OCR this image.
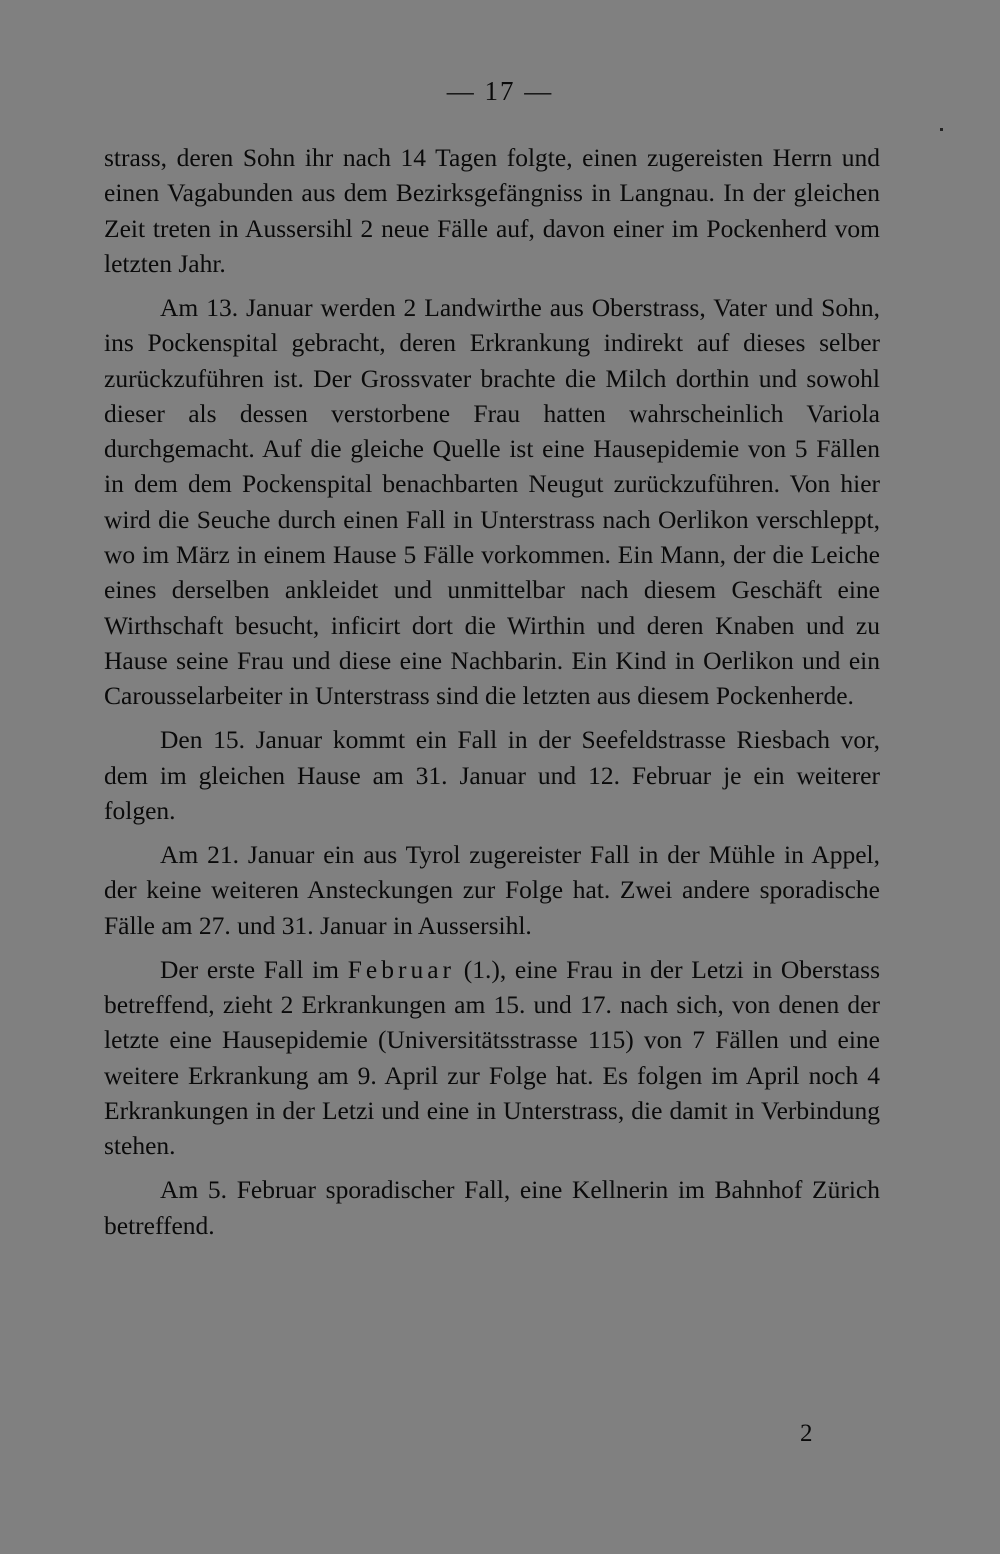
— 17 —

strass, deren Sohn ihr nach 14 Tagen folgte, einen zugereisten Herrn und einen Vagabunden aus dem Bezirksgefängniss in Langnau. In der gleichen Zeit treten in Aussersihl 2 neue Fälle auf, davon einer im Pockenherd vom letzten Jahr.

Am 13. Januar werden 2 Landwirthe aus Oberstrass, Vater und Sohn, ins Pockenspital gebracht, deren Erkrankung indirekt auf dieses selber zurückzuführen ist. Der Grossvater brachte die Milch dorthin und sowohl dieser als dessen verstorbene Frau hatten wahrscheinlich Variola durchgemacht. Auf die gleiche Quelle ist eine Hausepidemie von 5 Fällen in dem dem Pockenspital benachbarten Neugut zurückzuführen. Von hier wird die Seuche durch einen Fall in Unterstrass nach Oerlikon verschleppt, wo im März in einem Hause 5 Fälle vorkommen. Ein Mann, der die Leiche eines derselben ankleidet und unmittelbar nach diesem Geschäft eine Wirthschaft besucht, inficirt dort die Wirthin und deren Knaben und zu Hause seine Frau und diese eine Nachbarin. Ein Kind in Oerlikon und ein Carousselarbeiter in Unterstrass sind die letzten aus diesem Pockenherde.

Den 15. Januar kommt ein Fall in der Seefeldstrasse Riesbach vor, dem im gleichen Hause am 31. Januar und 12. Februar je ein weiterer folgen.

Am 21. Januar ein aus Tyrol zugereister Fall in der Mühle in Appel, der keine weiteren Ansteckungen zur Folge hat. Zwei andere sporadische Fälle am 27. und 31. Januar in Aussersihl.

Der erste Fall im Februar (1.), eine Frau in der Letzi in Oberstass betreffend, zieht 2 Erkrankungen am 15. und 17. nach sich, von denen der letzte eine Hausepidemie (Universitätsstrasse 115) von 7 Fällen und eine weitere Erkrankung am 9. April zur Folge hat. Es folgen im April noch 4 Erkrankungen in der Letzi und eine in Unterstrass, die damit in Verbindung stehen.

Am 5. Februar sporadischer Fall, eine Kellnerin im Bahnhof Zürich betreffend.

2
